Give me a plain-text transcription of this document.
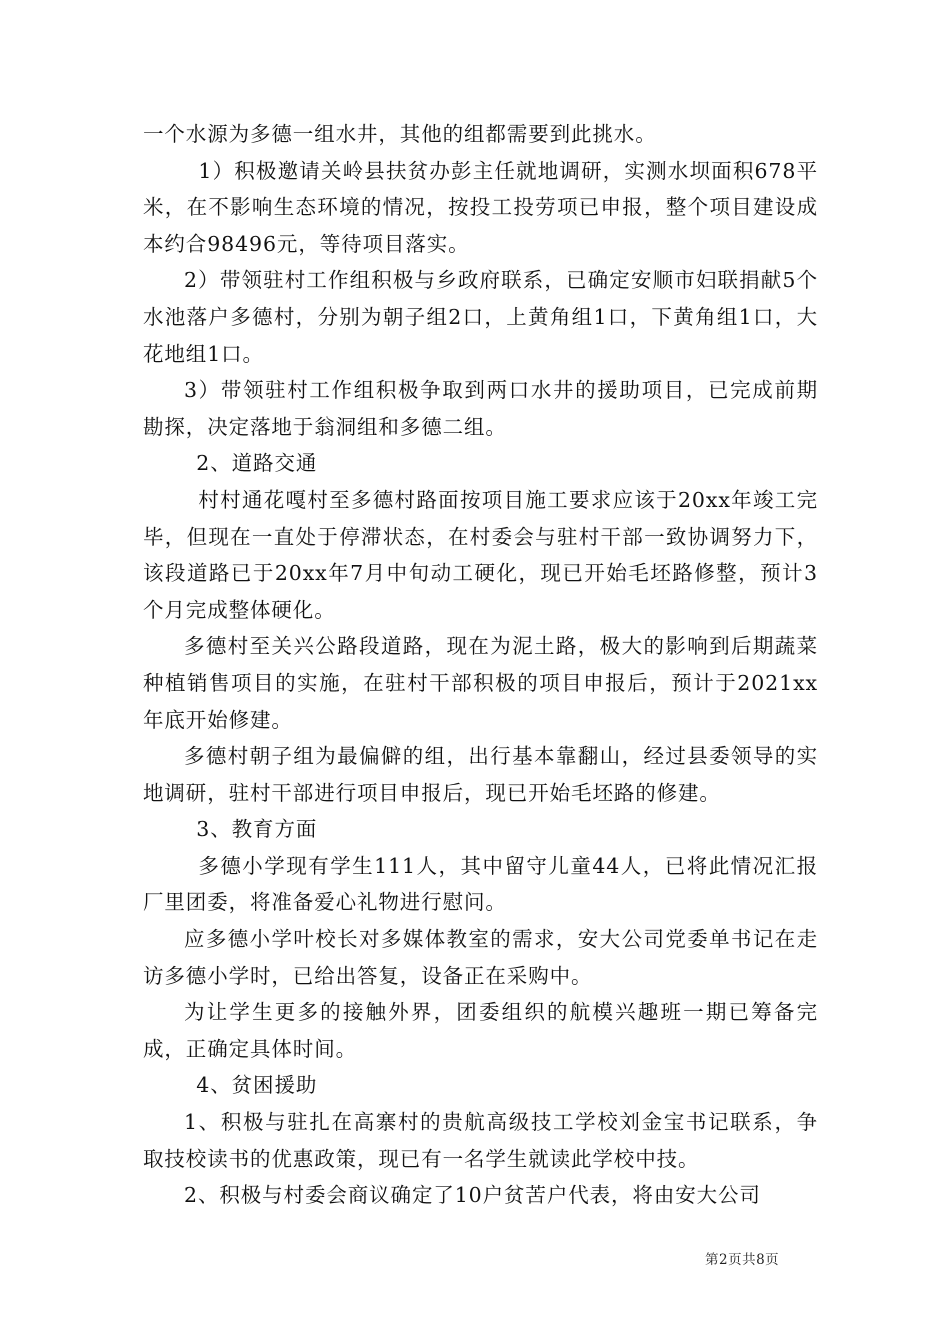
一个水源为多德一组水井，其他的组都需要到此挑水。

1）积极邀请关岭县扶贫办彭主任就地调研，实测水坝面积678平米，在不影响生态环境的情况，按投工投劳项已申报，整个项目建设成本约合98496元，等待项目落实。

2）带领驻村工作组积极与乡政府联系，已确定安顺市妇联捐献5个水池落户多德村，分别为朝子组2口，上黄角组1口，下黄角组1口，大花地组1口。

3）带领驻村工作组积极争取到两口水井的援助项目，已完成前期勘探，决定落地于翁洞组和多德二组。

2、道路交通

村村通花嘎村至多德村路面按项目施工要求应该于20xx年竣工完毕，但现在一直处于停滞状态，在村委会与驻村干部一致协调努力下，该段道路已于20xx年7月中旬动工硬化，现已开始毛坯路修整，预计3个月完成整体硬化。

多德村至关兴公路段道路，现在为泥土路，极大的影响到后期蔬菜种植销售项目的实施，在驻村干部积极的项目申报后，预计于2021xx年底开始修建。

多德村朝子组为最偏僻的组，出行基本靠翻山，经过县委领导的实地调研，驻村干部进行项目申报后，现已开始毛坯路的修建。

3、教育方面

多德小学现有学生111人，其中留守儿童44人，已将此情况汇报厂里团委，将准备爱心礼物进行慰问。

应多德小学叶校长对多媒体教室的需求，安大公司党委单书记在走访多德小学时，已给出答复，设备正在采购中。

为让学生更多的接触外界，团委组织的航模兴趣班一期已筹备完成，正确定具体时间。

4、贫困援助

1、积极与驻扎在高寨村的贵航高级技工学校刘金宝书记联系，争取技校读书的优惠政策，现已有一名学生就读此学校中技。

2、积极与村委会商议确定了10户贫苦户代表，将由安大公司

第2页共8页
